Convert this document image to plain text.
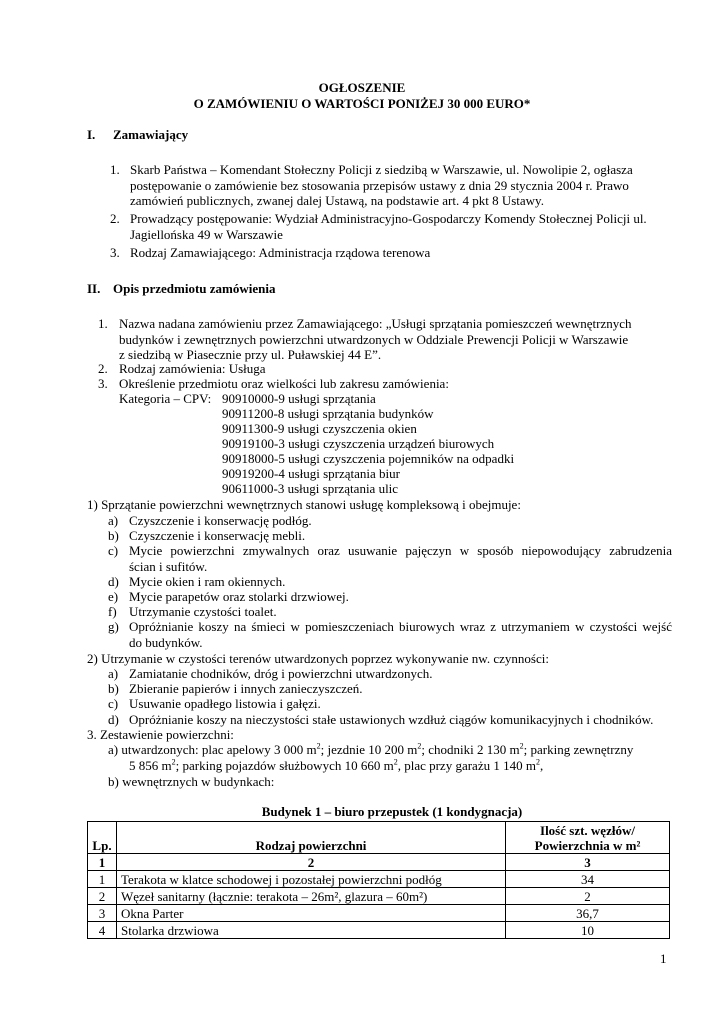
OGŁOSZENIE
O ZAMÓWIENIU O WARTOŚCI PONIŻEJ 30 000 EURO*
I. Zamawiający
1. Skarb Państwa – Komendant Stołeczny Policji z siedzibą w Warszawie, ul. Nowolipie 2, ogłasza
postępowanie o zamówienie bez stosowania przepisów ustawy z dnia 29 stycznia 2004 r. Prawo
zamówień publicznych, zwanej dalej Ustawą, na podstawie art. 4 pkt 8 Ustawy.
2. Prowadzący postępowanie: Wydział Administracyjno-Gospodarczy Komendy Stołecznej Policji ul.
Jagiellońska 49 w Warszawie
3. Rodzaj Zamawiającego: Administracja rządowa terenowa
II. Opis przedmiotu zamówienia
1. Nazwa nadana zamówieniu przez Zamawiającego: „Usługi sprzątania pomieszczeń wewnętrznych
budynków i zewnętrznych powierzchni utwardzonych w Oddziale Prewencji Policji w Warszawie
z siedzibą w Piasecznie przy ul. Puławskiej 44 E”.
2. Rodzaj zamówienia: Usługa
3. Określenie przedmiotu oraz wielkości lub zakresu zamówienia:
Kategoria – CPV: 90910000-9 usługi sprzątania
90911200-8 usługi sprzątania budynków
90911300-9 usługi czyszczenia okien
90919100-3 usługi czyszczenia urządzeń biurowych
90918000-5 usługi czyszczenia pojemników na odpadki
90919200-4 usługi sprzątania biur
90611000-3 usługi sprzątania ulic
1) Sprzątanie powierzchni wewnętrznych stanowi usługę kompleksową i obejmuje:
a) Czyszczenie i konserwację podłóg.
b) Czyszczenie i konserwację mebli.
c) Mycie powierzchni zmywalnych oraz usuwanie pajęczyn w sposób niepowodujący zabrudzenia
ścian i sufitów.
d) Mycie okien i ram okiennych.
e) Mycie parapetów oraz stolarki drzwiowej.
f) Utrzymanie czystości toalet.
g) Opróżnianie koszy na śmieci w pomieszczeniach biurowych wraz z utrzymaniem w czystości wejść
do budynków.
2) Utrzymanie w czystości terenów utwardzonych poprzez wykonywanie nw. czynności:
a) Zamiatanie chodników, dróg i powierzchni utwardzonych.
b) Zbieranie papierów i innych zanieczyszczeń.
c) Usuwanie opadłego listowia i gałęzi.
d) Opróżnianie koszy na nieczystości stałe ustawionych wzdłuż ciągów komunikacyjnych i chodników.
3. Zestawienie powierzchni:
a) utwardzonych: plac apelowy 3 000 $m^2$; jezdnie 10 200 $m^2$; chodniki 2 130 $m^2$; parking zewnętrzny
5 856 $m^2$; parking pojazdów służbowych 10 660 $m^2$, plac przy garażu 1 140 $m^2$,
b) wewnętrznych w budynkach:
Budynek 1 – biuro przepustek (1 kondygnacja)
Lp.	Rodzaj powierzchni	Ilość szt. węzłów/
Powierzchnia w m²

1	2	3
1	Terakota w klatce schodowej i pozostałej powierzchni podłóg	34
2	Węzeł sanitarny (łącznie: terakota – 26m², glazura – 60m²)	2
3	Okna Parter	36,7
4	Stolarka drzwiowa	10
1
